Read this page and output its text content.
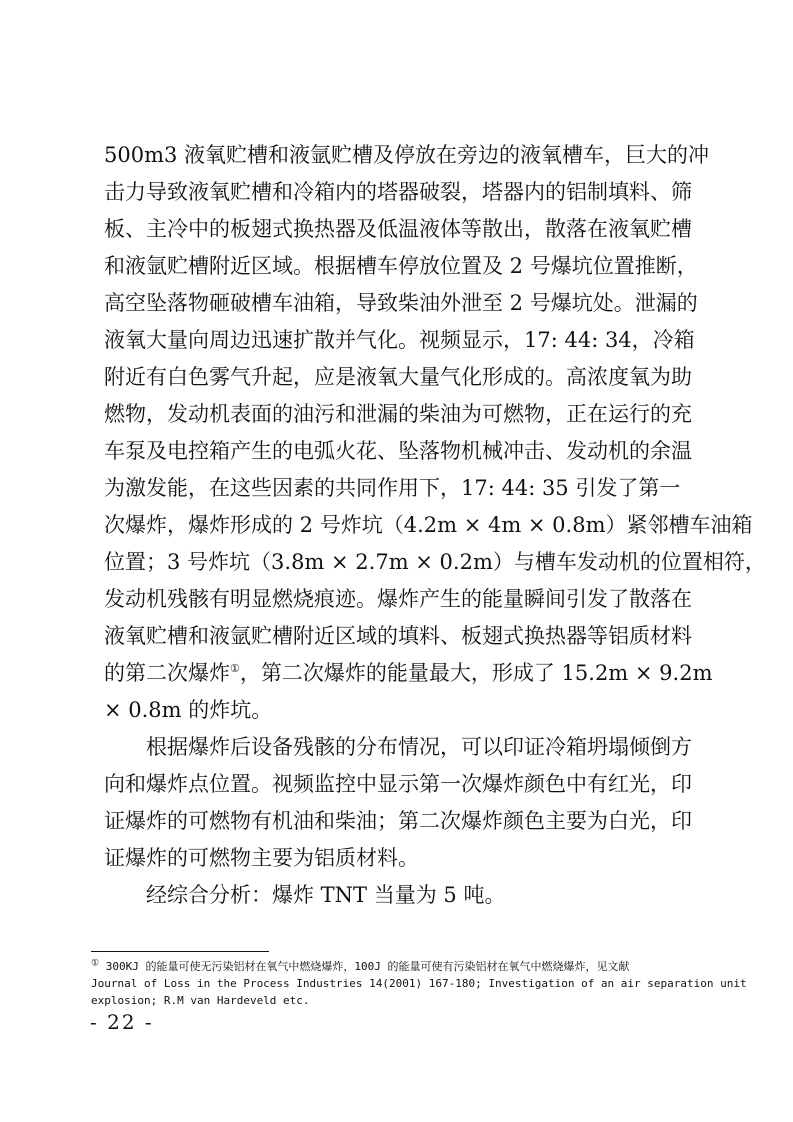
500m3 液氧贮槽和液氩贮槽及停放在旁边的液氧槽车，巨大的冲
击力导致液氧贮槽和冷箱内的塔器破裂，塔器内的铝制填料、筛
板、主冷中的板翅式换热器及低温液体等散出，散落在液氧贮槽
和液氩贮槽附近区域。根据槽车停放位置及 2 号爆坑位置推断，
高空坠落物砸破槽车油箱，导致柴油外泄至 2 号爆坑处。泄漏的
液氧大量向周边迅速扩散并气化。视频显示，17: 44: 34，冷箱
附近有白色雾气升起，应是液氧大量气化形成的。高浓度氧为助
燃物，发动机表面的油污和泄漏的柴油为可燃物，正在运行的充
车泵及电控箱产生的电弧火花、坠落物机械冲击、发动机的余温
为激发能，在这些因素的共同作用下，17: 44: 35 引发了第一
次爆炸，爆炸形成的 2 号炸坑（4.2m × 4m × 0.8m）紧邻槽车油箱
位置；3 号炸坑（3.8m × 2.7m × 0.2m）与槽车发动机的位置相符，
发动机残骸有明显燃烧痕迹。爆炸产生的能量瞬间引发了散落在
液氧贮槽和液氩贮槽附近区域的填料、板翅式换热器等铝质材料
的第二次爆炸①，第二次爆炸的能量最大，形成了 15.2m × 9.2m
× 0.8m 的炸坑。
根据爆炸后设备残骸的分布情况，可以印证冷箱坍塌倾倒方
向和爆炸点位置。视频监控中显示第一次爆炸颜色中有红光，印
证爆炸的可燃物有机油和柴油；第二次爆炸颜色主要为白光，印
证爆炸的可燃物主要为铝质材料。
经综合分析：爆炸 TNT 当量为 5 吨。
① 300KJ 的能量可使无污染铝材在氧气中燃烧爆炸，100J 的能量可使有污染铝材在氧气中燃烧爆炸，见文献
Journal of Loss in the Process Industries 14(2001) 167-180; Investigation of an air separation unit
explosion; R.M van Hardeveld etc.
- 22 -
